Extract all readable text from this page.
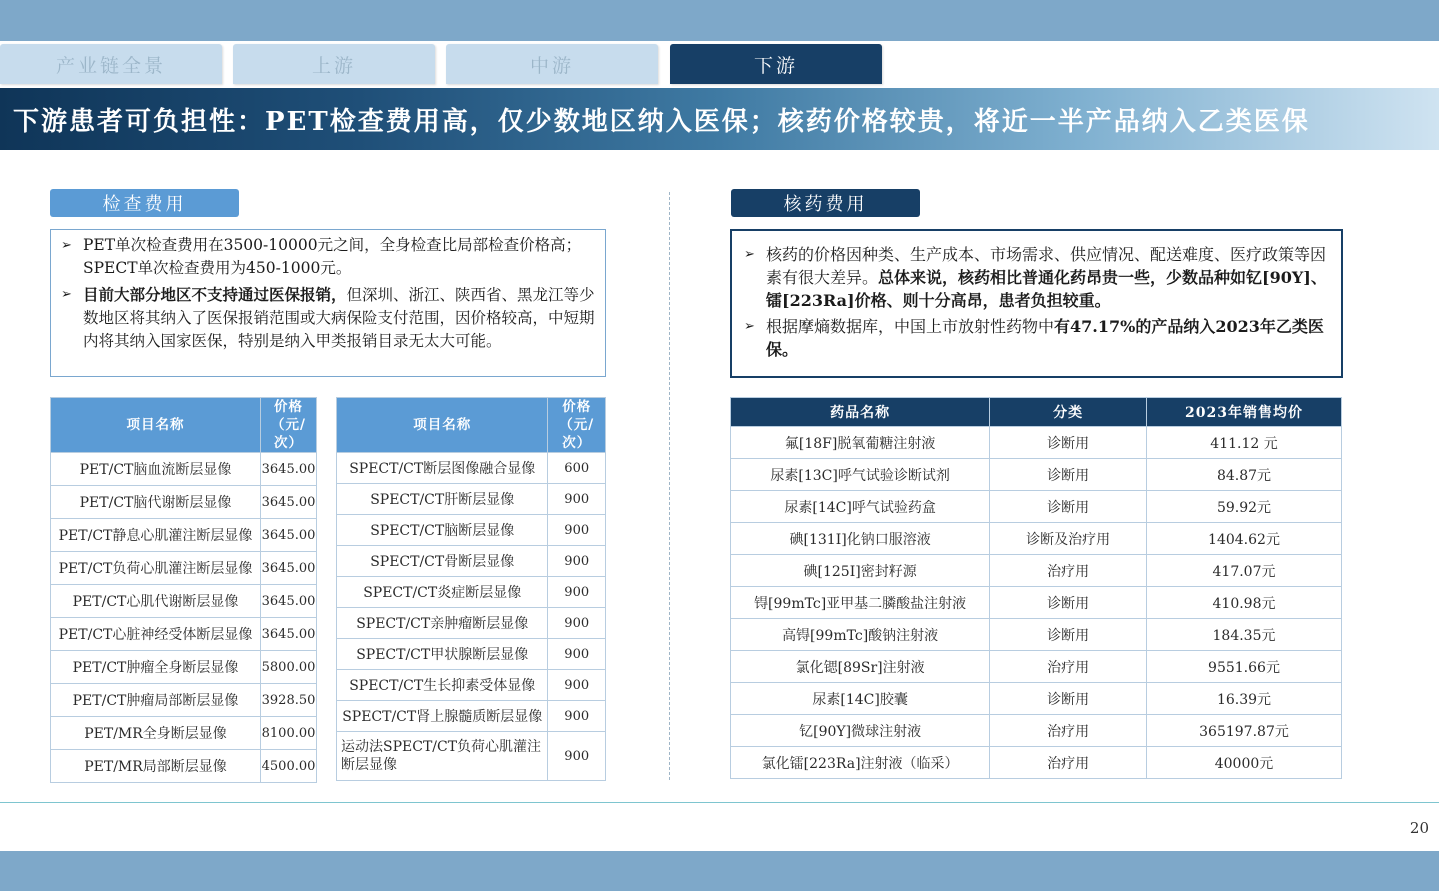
产业链全景	上游	中游	下游
下游患者可负担性：PET检查费用高，仅少数地区纳入医保；核药价格较贵，将近一半产品纳入乙类医保
检查费用
➢ PET单次检查费用在3500-10000元之间，全身检查比局部检查价格高；SPECT单次检查费用为450-1000元。
➢ 目前大部分地区不支持通过医保报销，但深圳、浙江、陕西省、黑龙江等少数地区将其纳入了医保报销范围或大病保险支付范围，因价格较高，中短期内将其纳入国家医保，特别是纳入甲类报销目录无太大可能。
项目名称	价格（元/次）
PET/CT脑血流断层显像	3645.00
PET/CT脑代谢断层显像	3645.00
PET/CT静息心肌灌注断层显像	3645.00
PET/CT负荷心肌灌注断层显像	3645.00
PET/CT心肌代谢断层显像	3645.00
PET/CT心脏神经受体断层显像	3645.00
PET/CT肿瘤全身断层显像	5800.00
PET/CT肿瘤局部断层显像	3928.50
PET/MR全身断层显像	8100.00
PET/MR局部断层显像	4500.00
项目名称	价格（元/次）
SPECT/CT断层图像融合显像	600
SPECT/CT肝断层显像	900
SPECT/CT脑断层显像	900
SPECT/CT骨断层显像	900
SPECT/CT炎症断层显像	900
SPECT/CT亲肿瘤断层显像	900
SPECT/CT甲状腺断层显像	900
SPECT/CT生长抑素受体显像	900
SPECT/CT肾上腺髓质断层显像	900
运动法SPECT/CT负荷心肌灌注断层显像	900
核药费用
➢ 核药的价格因种类、生产成本、市场需求、供应情况、配送难度、医疗政策等因素有很大差异。总体来说，核药相比普通化药昂贵一些，少数品种如钇[90Y]、镭[223Ra]价格、则十分高昂，患者负担较重。
➢ 根据摩熵数据库，中国上市放射性药物中有47.17%的产品纳入2023年乙类医保。
药品名称	分类	2023年销售均价
氟[18F]脱氧葡糖注射液	诊断用	411.12 元
尿素[13C]呼气试验诊断试剂	诊断用	84.87元
尿素[14C]呼气试验药盒	诊断用	59.92元
碘[131I]化钠口服溶液	诊断及治疗用	1404.62元
碘[125I]密封籽源	治疗用	417.07元
锝[99mTc]亚甲基二膦酸盐注射液	诊断用	410.98元
高锝[99mTc]酸钠注射液	诊断用	184.35元
氯化锶[89Sr]注射液	治疗用	9551.66元
尿素[14C]胶囊	诊断用	16.39元
钇[90Y]微球注射液	治疗用	365197.87元
氯化镭[223Ra]注射液（临采）	治疗用	40000元
20
